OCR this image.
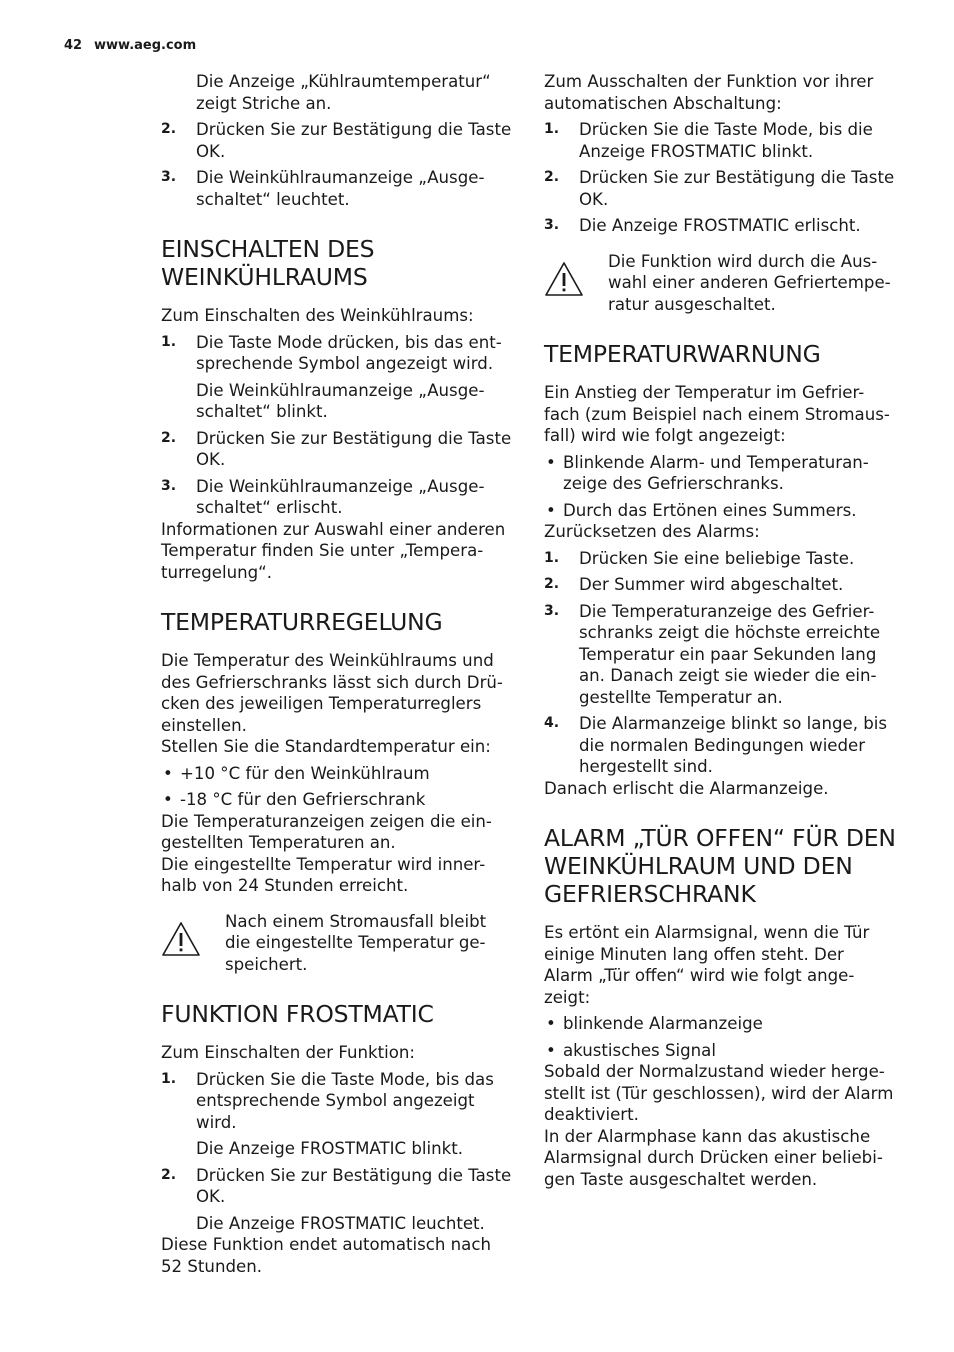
42 www.aeg.com

Die Anzeige „Kühlraumtemperatur“ zeigt Striche an.

2. Drücken Sie zur Bestätigung die Taste OK.
3. Die Weinkühlraumanzeige „Ausge-schaltet“ leuchtet.
EINSCHALTEN DES WEINKÜHLRAUMS

Zum Einschalten des Weinkühlraums:

1. Die Taste Mode drücken, bis das ent-sprechende Symbol angezeigt wird.

Die Weinkühlraumanzeige „Ausge-schaltet“ blinkt.

2. Drücken Sie zur Bestätigung die Taste OK.
3. Die Weinkühlraumanzeige „Ausge-schaltet“ erlischt.

Informationen zur Auswahl einer anderen Temperatur finden Sie unter „Tempera-turregelung“.

TEMPERATURREGELUNG

Die Temperatur des Weinkühlraums und des Gefrierschranks lässt sich durch Drü-cken des jeweiligen Temperaturreglers einstellen.

Stellen Sie die Standardtemperatur ein:

• +10 °C für den Weinkühlraum
• -18 °C für den Gefrierschrank

Die Temperaturanzeigen zeigen die ein-gestellten Temperaturen an.

Die eingestellte Temperatur wird inner-halb von 24 Stunden erreicht.

Nach einem Stromausfall bleibt die eingestellte Temperatur ge-speichert.

FUNKTION FROSTMATIC

Zum Einschalten der Funktion:

1. Drücken Sie die Taste Mode, bis das entsprechende Symbol angezeigt wird.

Die Anzeige FROSTMATIC blinkt.

2. Drücken Sie zur Bestätigung die Taste OK.

Die Anzeige FROSTMATIC leuchtet.

Diese Funktion endet automatisch nach 52 Stunden.

Zum Ausschalten der Funktion vor ihrer automatischen Abschaltung:

1. Drücken Sie die Taste Mode, bis die Anzeige FROSTMATIC blinkt.
2. Drücken Sie zur Bestätigung die Taste OK.
3. Die Anzeige FROSTMATIC erlischt.

Die Funktion wird durch die Aus-wahl einer anderen Gefriertempe-ratur ausgeschaltet.

TEMPERATURWARNUNG

Ein Anstieg der Temperatur im Gefrier-fach (zum Beispiel nach einem Stromaus-fall) wird wie folgt angezeigt:

• Blinkende Alarm- und Temperaturan-zeige des Gefrierschranks.
• Durch das Ertönen eines Summers.

Zurücksetzen des Alarms:

1. Drücken Sie eine beliebige Taste.
2. Der Summer wird abgeschaltet.
3. Die Temperaturanzeige des Gefrier-schranks zeigt die höchste erreichte Temperatur ein paar Sekunden lang an. Danach zeigt sie wieder die ein-gestellte Temperatur an.
4. Die Alarmanzeige blinkt so lange, bis die normalen Bedingungen wieder hergestellt sind.

Danach erlischt die Alarmanzeige.

ALARM „TÜR OFFEN“ FÜR DEN WEINKÜHLRAUM UND DEN GEFRIERSCHRANK

Es ertönt ein Alarmsignal, wenn die Tür einige Minuten lang offen steht. Der Alarm „Tür offen“ wird wie folgt ange-zeigt:

• blinkende Alarmanzeige
• akustisches Signal

Sobald der Normalzustand wieder herge-stellt ist (Tür geschlossen), wird der Alarm deaktiviert.

In der Alarmphase kann das akustische Alarmsignal durch Drücken einer beliebi-gen Taste ausgeschaltet werden.
